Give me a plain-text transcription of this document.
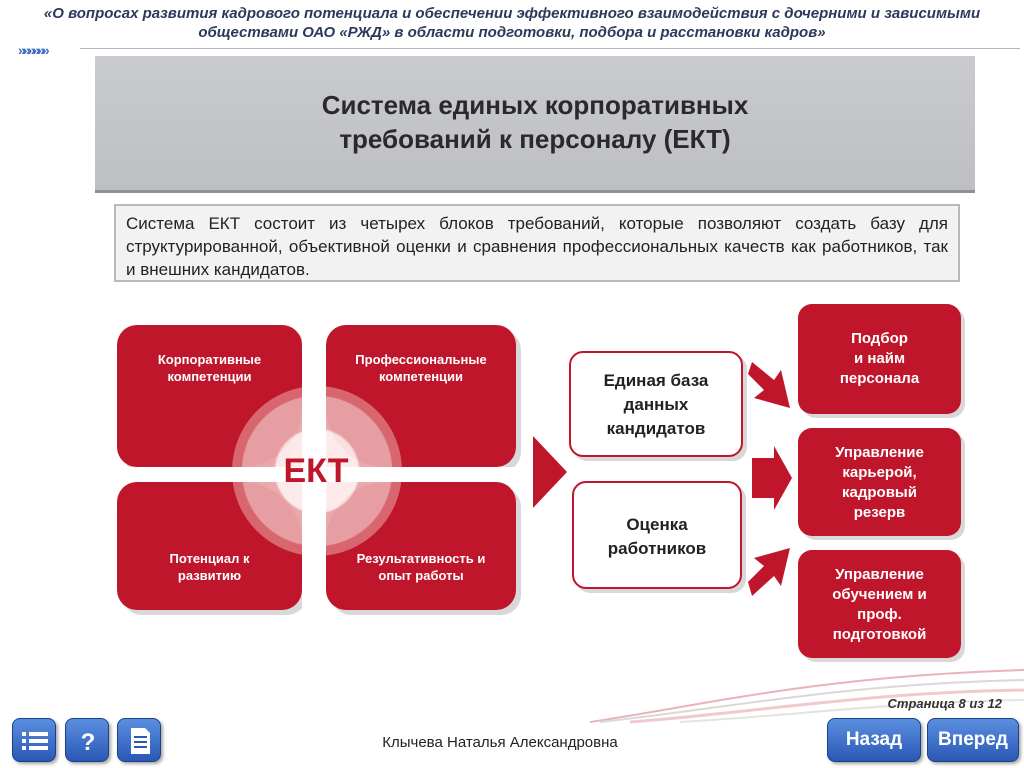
«О вопросах развития кадрового потенциала и обеспечении эффективного взаимодействия с дочерними и зависимыми
обществами ОАО «РЖД» в области подготовки, подбора и расстановки кадров»
»»»»»»
Система единых корпоративных
требований к персоналу (ЕКТ)
Система ЕКТ состоит из четырех блоков требований, которые позволяют создать базу для структурированной, объективной оценки и сравнения профессиональных качеств как работников, так и внешних кандидатов.
Корпоративные
компетенции
Профессиональные
компетенции
Потенциал к
развитию
Результативность и
опыт работы
ЕКТ
Единая база
данных
кандидатов
Оценка
работников
Подбор
и найм
персонала
Управление
карьерой,
кадровый
резерв
Управление
обучением и
проф.
подготовкой
Страница 8 из 12
?	Клычева Наталья Александровна	Назад	Вперед
